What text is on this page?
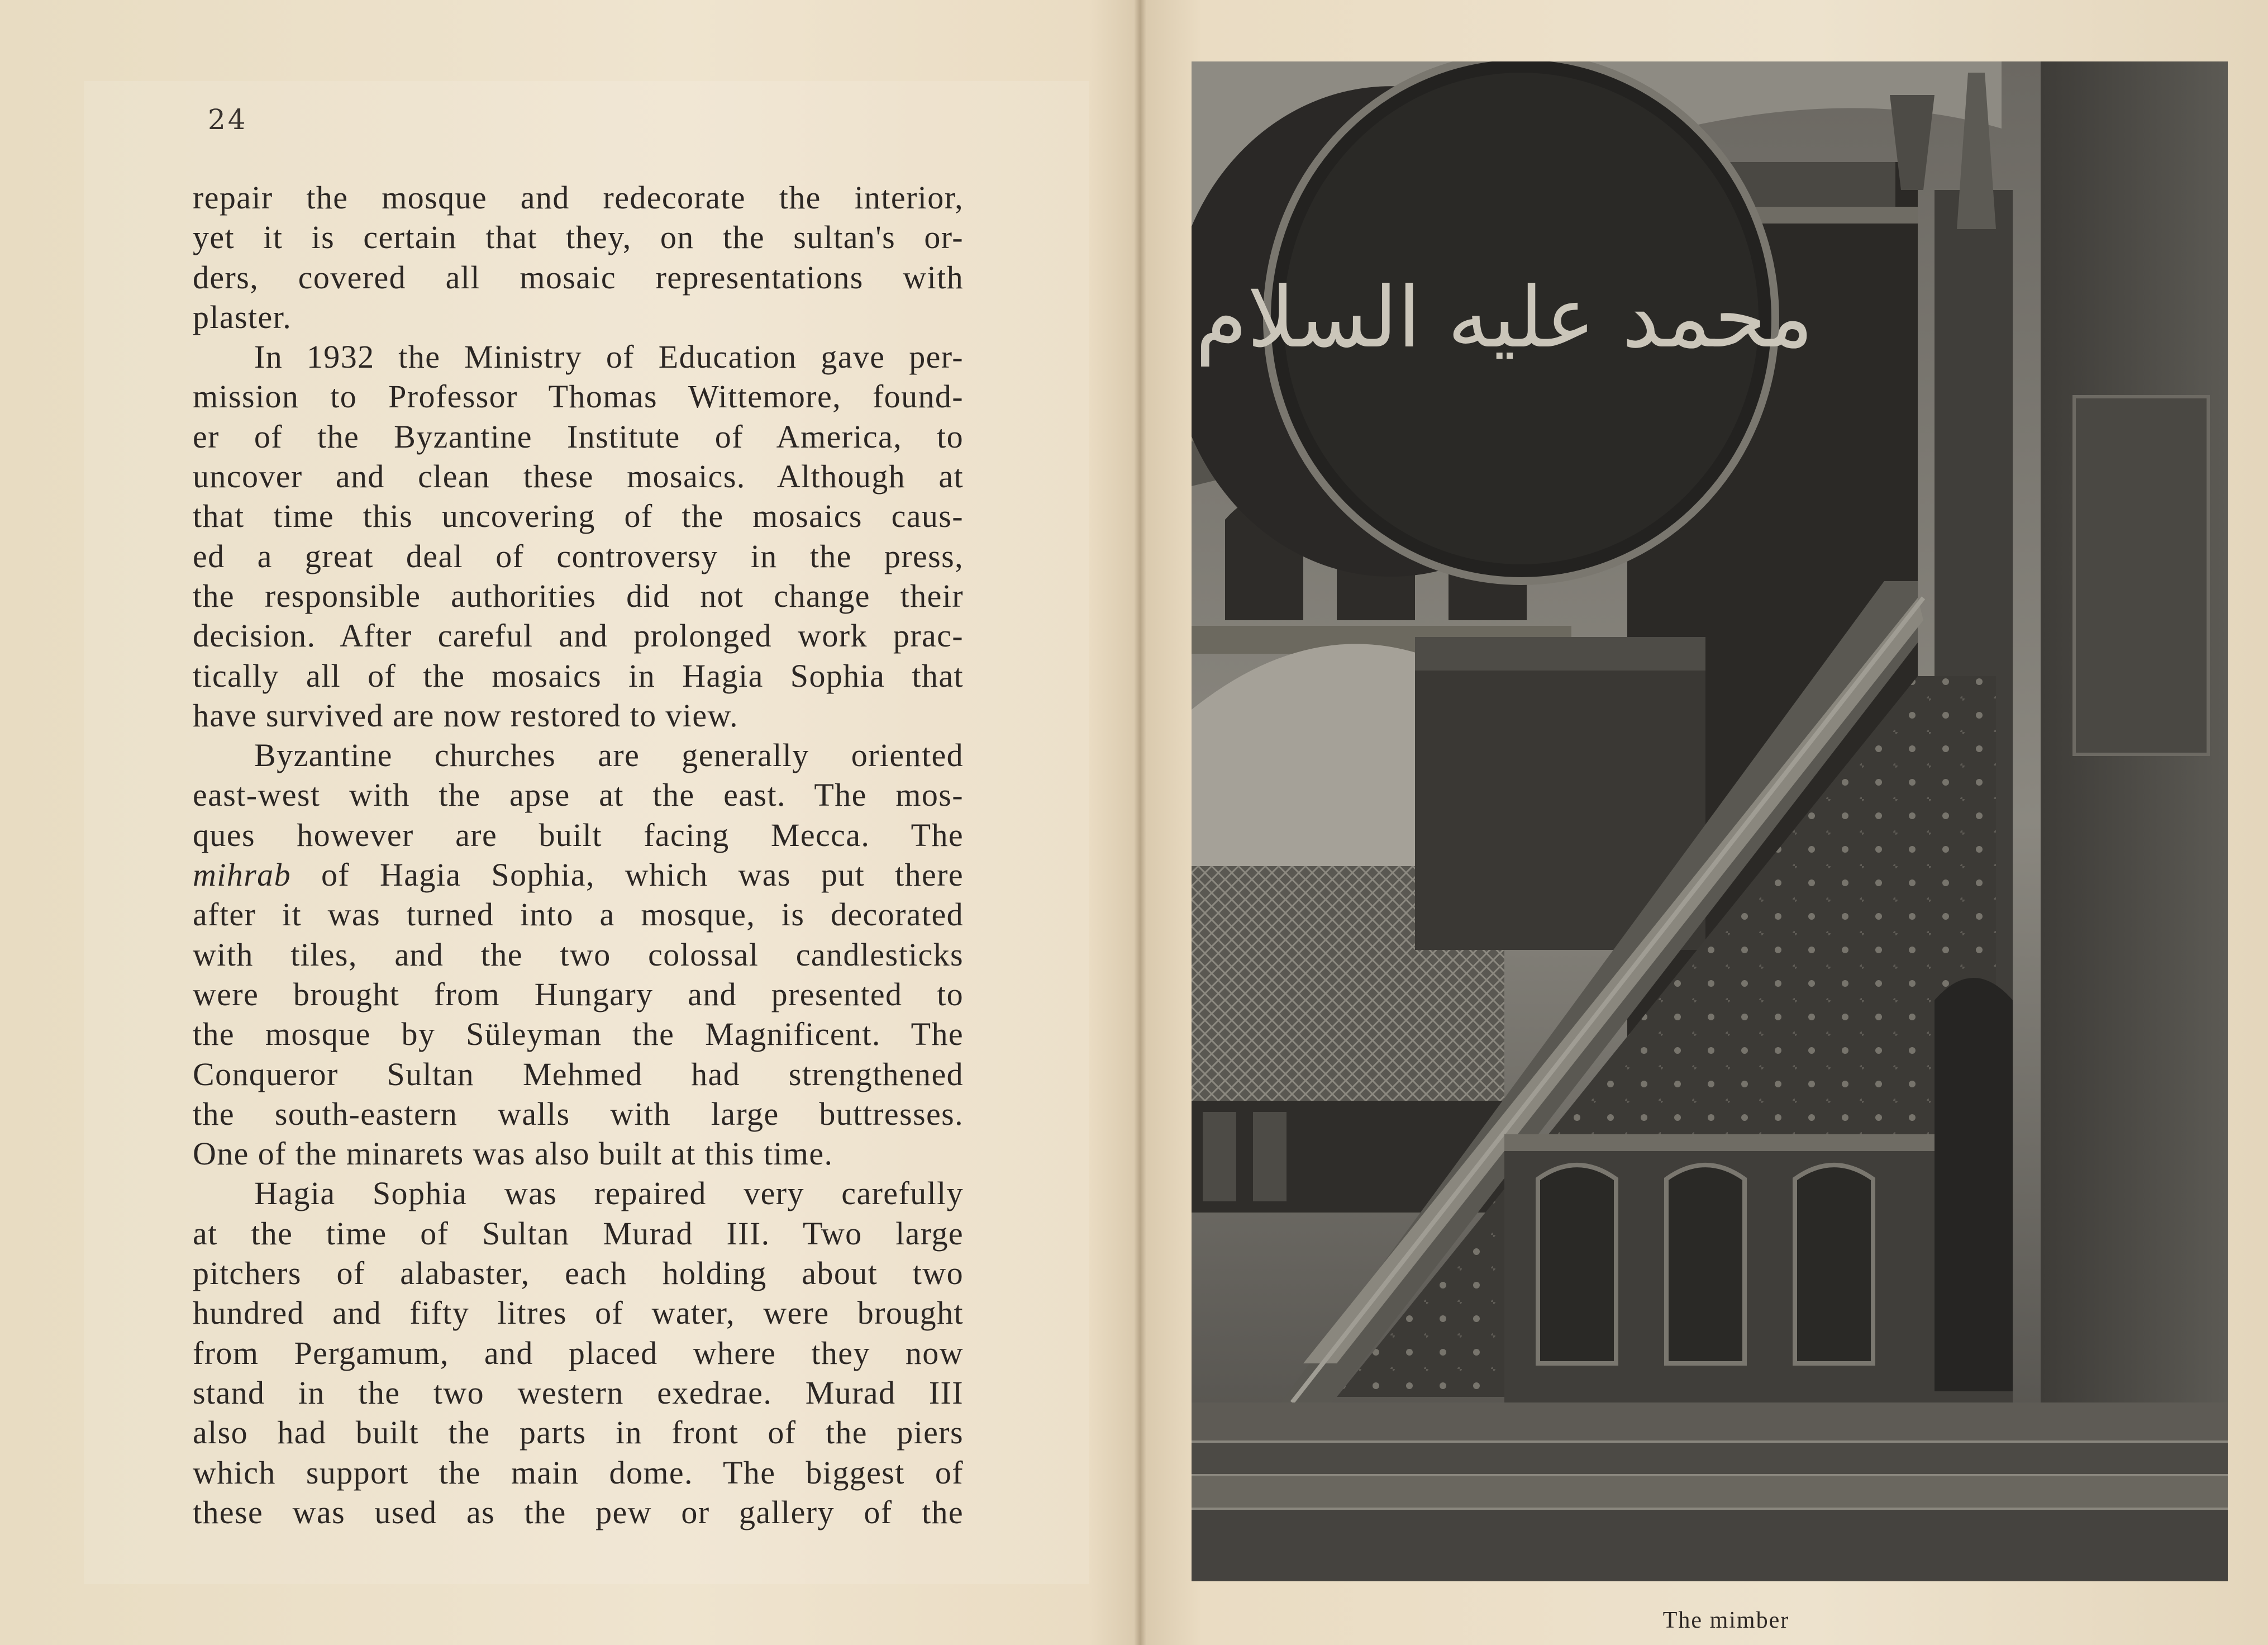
24
repair the mosque and redecorate the interior,
yet it is certain that they, on the sultan's or-
ders, covered all mosaic representations with
plaster.
In 1932 the Ministry of Education gave per-
mission to Professor Thomas Wittemore, found-
er of the Byzantine Institute of America, to
uncover and clean these mosaics. Although at
that time this uncovering of the mosaics caus-
ed a great deal of controversy in the press,
the responsible authorities did not change their
decision. After careful and prolonged work prac-
tically all of the mosaics in Hagia Sophia that
have survived are now restored to view.
Byzantine churches are generally oriented
east-west with the apse at the east. The mos-
ques however are built facing Mecca. The
mihrab of Hagia Sophia, which was put there
after it was turned into a mosque, is decorated
with tiles, and the two colossal candlesticks
were brought from Hungary and presented to
the mosque by Süleyman the Magnificent. The
Conqueror Sultan Mehmed had strengthened
the south-eastern walls with large buttresses.
One of the minarets was also built at this time.
Hagia Sophia was repaired very carefully
at the time of Sultan Murad III. Two large
pitchers of alabaster, each holding about two
hundred and fifty litres of water, were brought
from Pergamum, and placed where they now
stand in the two western exedrae. Murad III
also had built the parts in front of the piers
which support the main dome. The biggest of
these was used as the pew or gallery of the
محمد عليه السلام
The mimber
